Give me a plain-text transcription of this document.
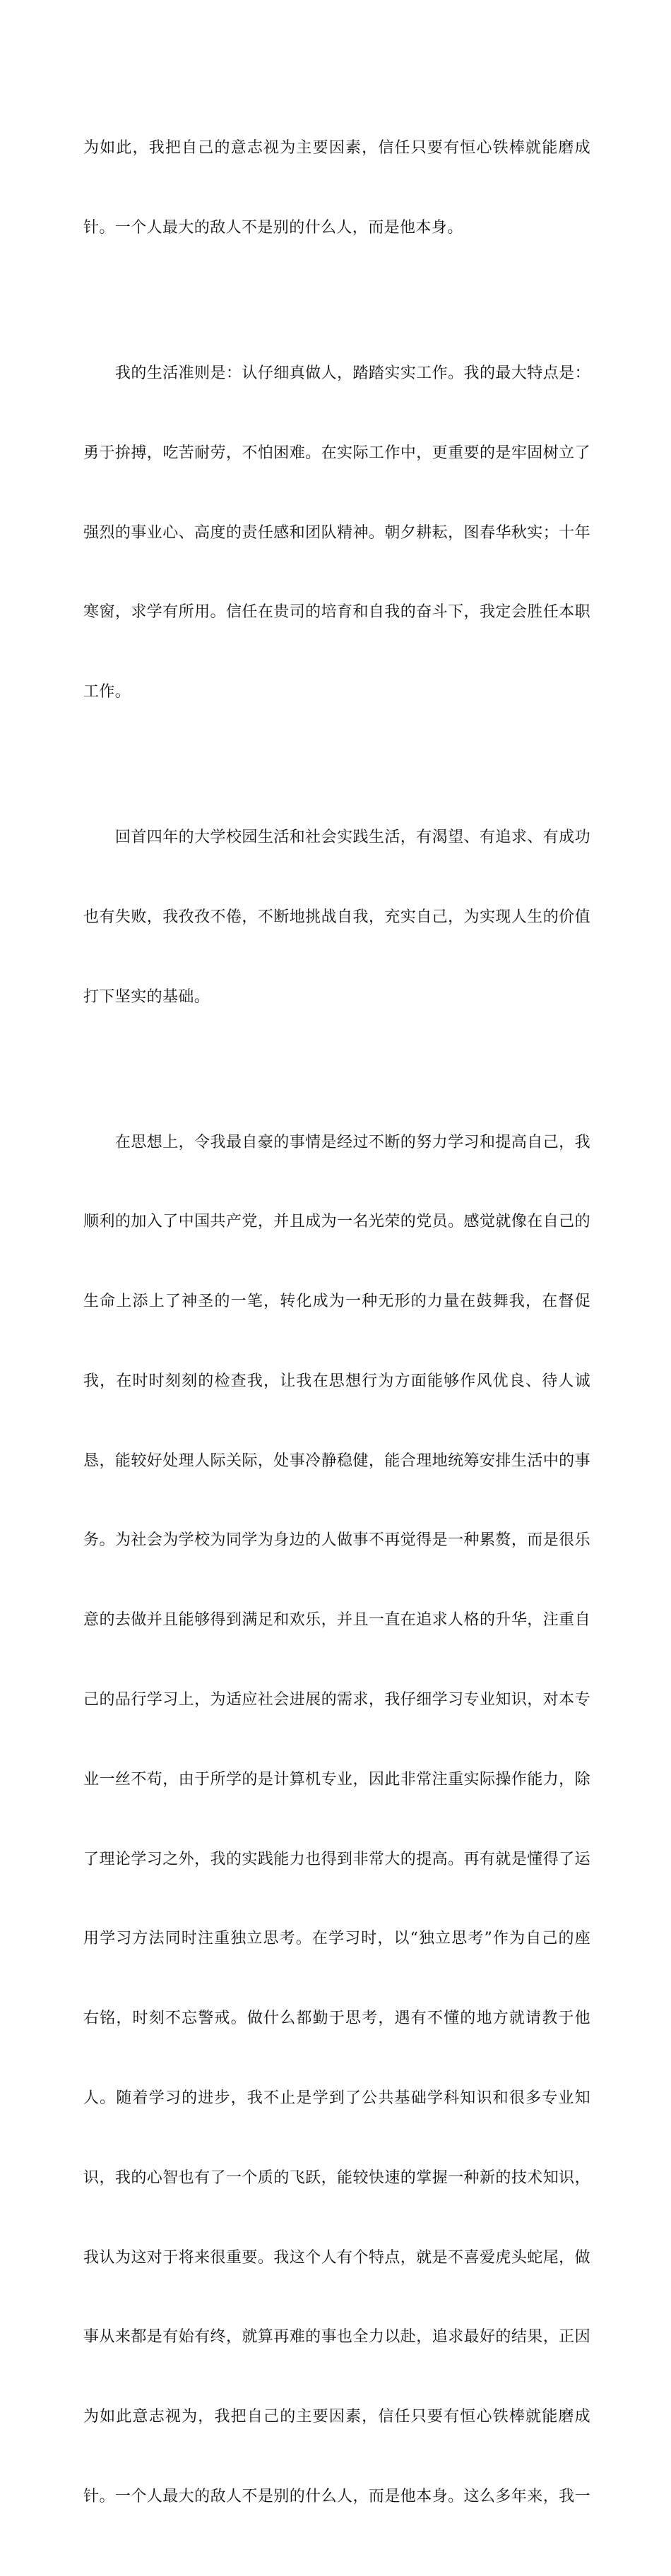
为如此，我把自己的意志视为主要因素，信任只要有恒心铁棒就能磨成

针。一个人最大的敌人不是别的什么人，而是他本身。

　　我的生活准则是：认仔细真做人，踏踏实实工作。我的最大特点是：

勇于拚搏，吃苦耐劳，不怕困难。在实际工作中，更重要的是牢固树立了

强烈的事业心、高度的责任感和团队精神。朝夕耕耘，图春华秋实；十年

寒窗，求学有所用。信任在贵司的培育和自我的奋斗下，我定会胜任本职

工作。

　　回首四年的大学校园生活和社会实践生活，有渴望、有追求、有成功

也有失败，我孜孜不倦，不断地挑战自我，充实自己，为实现人生的价值

打下坚实的基础。

　　在思想上，令我最自豪的事情是经过不断的努力学习和提高自己，我

顺利的加入了中国共产党，并且成为一名光荣的党员。感觉就像在自己的

生命上添上了神圣的一笔，转化成为一种无形的力量在鼓舞我，在督促

我，在时时刻刻的检查我，让我在思想行为方面能够作风优良、待人诚

恳，能较好处理人际关际，处事冷静稳健，能合理地统筹安排生活中的事

务。为社会为学校为同学为身边的人做事不再觉得是一种累赘，而是很乐

意的去做并且能够得到满足和欢乐，并且一直在追求人格的升华，注重自

己的品行学习上，为适应社会进展的需求，我仔细学习专业知识，对本专

业一丝不苟，由于所学的是计算机专业，因此非常注重实际操作能力，除

了理论学习之外，我的实践能力也得到非常大的提高。再有就是懂得了运

用学习方法同时注重独立思考。在学习时，以“独立思考”作为自己的座

右铭，时刻不忘警戒。做什么都勤于思考，遇有不懂的地方就请教于他

人。随着学习的进步，我不止是学到了公共基础学科知识和很多专业知

识，我的心智也有了一个质的飞跃，能较快速的掌握一种新的技术知识，

我认为这对于将来很重要。我这个人有个特点，就是不喜爱虎头蛇尾，做

事从来都是有始有终，就算再难的事也全力以赴，追求最好的结果，正因

为如此意志视为，我把自己的主要因素，信任只要有恒心铁棒就能磨成

针。一个人最大的敌人不是别的什么人，而是他本身。这么多年来，我一
